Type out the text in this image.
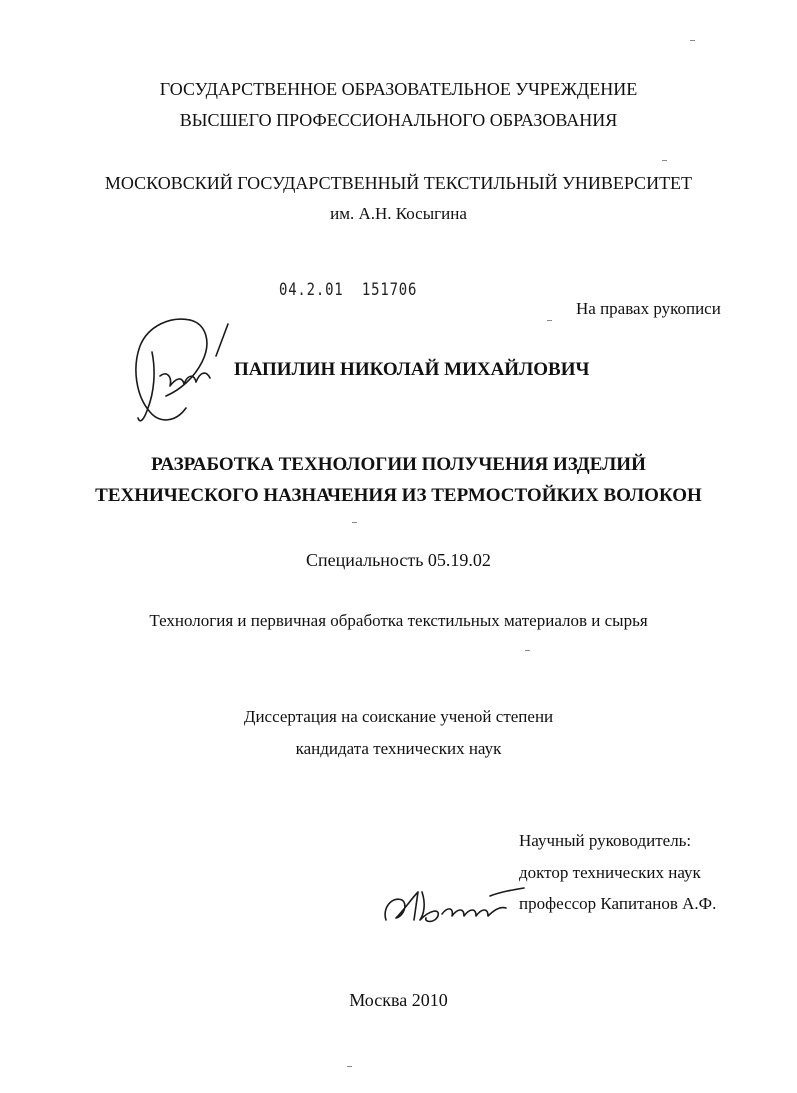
ГОСУДАРСТВЕННОЕ ОБРАЗОВАТЕЛЬНОЕ УЧРЕЖДЕНИЕ
ВЫСШЕГО ПРОФЕССИОНАЛЬНОГО ОБРАЗОВАНИЯ
МОСКОВСКИЙ ГОСУДАРСТВЕННЫЙ ТЕКСТИЛЬНЫЙ УНИВЕРСИТЕТ
им. А.Н. Косыгина
04.2.01 151706
На правах рукописи
ПАПИЛИН НИКОЛАЙ МИХАЙЛОВИЧ
РАЗРАБОТКА ТЕХНОЛОГИИ ПОЛУЧЕНИЯ ИЗДЕЛИЙ
ТЕХНИЧЕСКОГО НАЗНАЧЕНИЯ ИЗ ТЕРМОСТОЙКИХ ВОЛОКОН
Специальность 05.19.02
Технология и первичная обработка текстильных материалов и сырья
Диссертация на соискание ученой степени
кандидата технических наук
Научный руководитель:
доктор технических наук
профессор Капитанов А.Ф.
Москва 2010
